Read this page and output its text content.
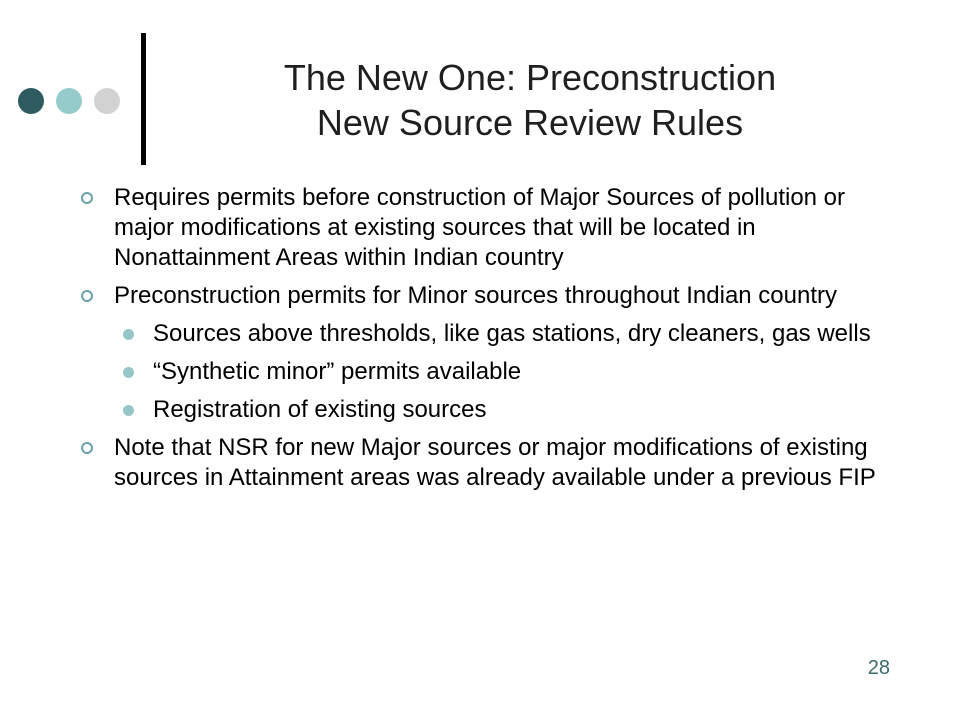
The New One: Preconstruction
New Source Review Rules
Requires permits before construction of Major Sources of pollution or major modifications at existing sources that will be located in Nonattainment Areas within Indian country
Preconstruction permits for Minor sources throughout Indian country
Sources above thresholds, like gas stations, dry cleaners, gas wells
“Synthetic minor” permits available
Registration of existing sources
Note that NSR for new Major sources or major modifications of existing sources in Attainment areas was already available under a previous FIP
28
